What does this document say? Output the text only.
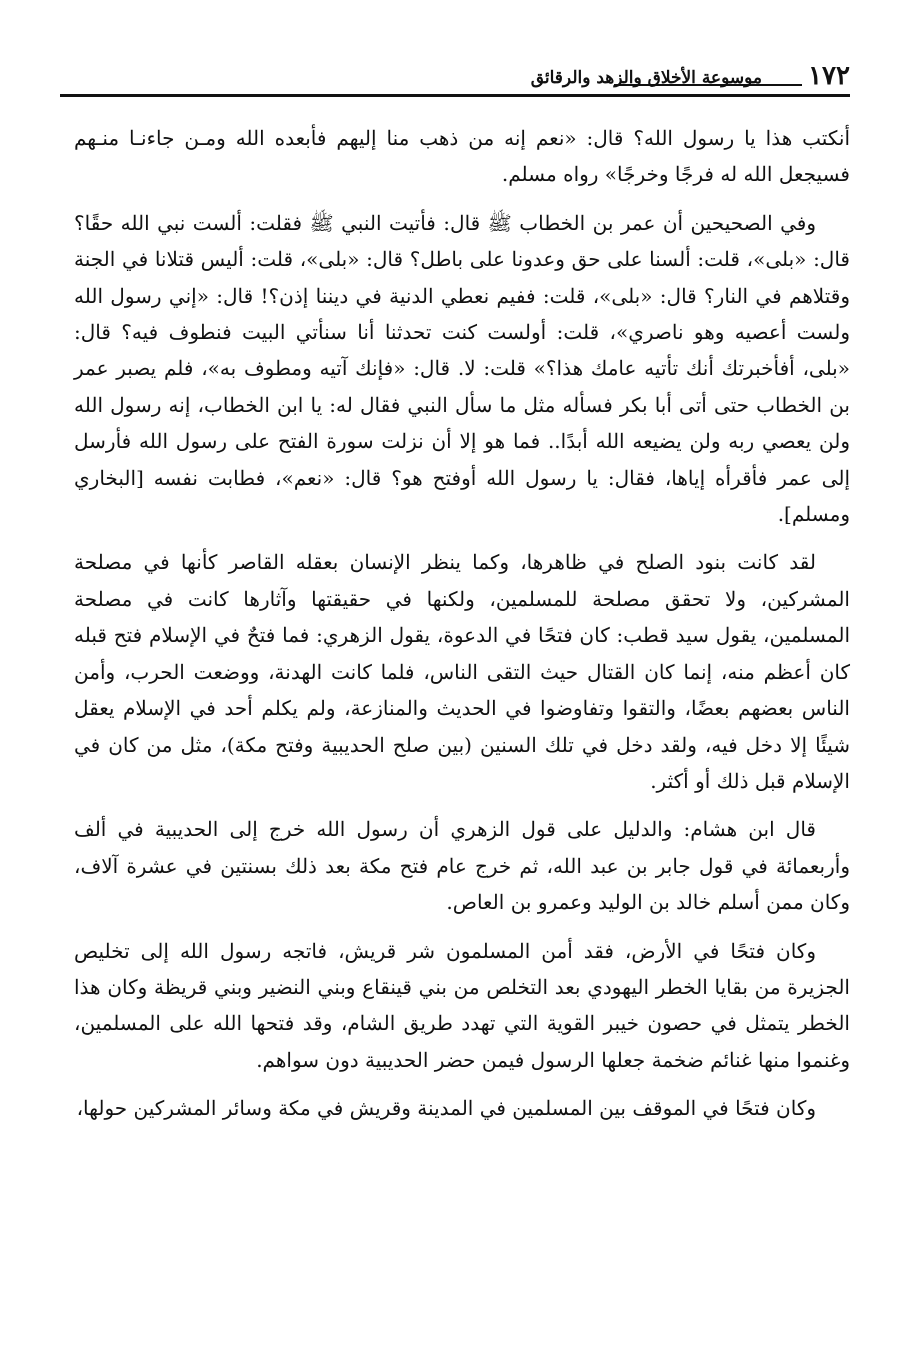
١٧٢
موسوعة الأخلاق والزهد والرقائق

أنكتب هذا يا رسول الله؟ قال: «نعم إنه من ذهب منا إليهم فأبعده الله ومـن جاءنـا منـهم فسيجعل الله له فرجًا وخرجًا» رواه مسلم.

وفي الصحيحين أن عمر بن الخطاب ﷺ قال: فأتيت النبي ﷺ فقلت: ألست نبي الله حقًا؟ قال: «بلى»، قلت: ألسنا على حق وعدونا على باطل؟ قال: «بلى»، قلت: أليس قتلانا في الجنة وقتلاهم في النار؟ قال: «بلى»، قلت: ففيم نعطي الدنية في ديننا إذن؟! قال: «إني رسول الله ولست أعصيه وهو ناصري»، قلت: أولست كنت تحدثنا أنا سنأتي البيت فنطوف فيه؟ قال: «بلى، أفأخبرتك أنك تأتيه عامك هذا؟» قلت: لا. قال: «فإنك آتيه ومطوف به»، فلم يصبر عمر بن الخطاب حتى أتى أبا بكر فسأله مثل ما سأل النبي فقال له: يا ابن الخطاب، إنه رسول الله ولن يعصي ربه ولن يضيعه الله أبدًا.. فما هو إلا أن نزلت سورة الفتح على رسول الله فأرسل إلى عمر فأقرأه إياها، فقال: يا رسول الله أوفتح هو؟ قال: «نعم»، فطابت نفسه [البخاري ومسلم].

لقد كانت بنود الصلح في ظاهرها، وكما ينظر الإنسان بعقله القاصر كأنها في مصلحة المشركين، ولا تحقق مصلحة للمسلمين، ولكنها في حقيقتها وآثارها كانت في مصلحة المسلمين، يقول سيد قطب: كان فتحًا في الدعوة، يقول الزهري: فما فتحٌ في الإسلام فتح قبله كان أعظم منه، إنما كان القتال حيث التقى الناس، فلما كانت الهدنة، ووضعت الحرب، وأمن الناس بعضهم بعضًا، والتقوا وتفاوضوا في الحديث والمنازعة، ولم يكلم أحد في الإسلام يعقل شيئًا إلا دخل فيه، ولقد دخل في تلك السنين (بين صلح الحديبية وفتح مكة)، مثل من كان في الإسلام قبل ذلك أو أكثر.

قال ابن هشام: والدليل على قول الزهري أن رسول الله خرج إلى الحديبية في ألف وأربعمائة في قول جابر بن عبد الله، ثم خرج عام فتح مكة بعد ذلك بسنتين في عشرة آلاف، وكان ممن أسلم خالد بن الوليد وعمرو بن العاص.

وكان فتحًا في الأرض، فقد أمن المسلمون شر قريش، فاتجه رسول الله إلى تخليص الجزيرة من بقايا الخطر اليهودي بعد التخلص من بني قينقاع وبني النضير وبني قريظة وكان هذا الخطر يتمثل في حصون خيبر القوية التي تهدد طريق الشام، وقد فتحها الله على المسلمين، وغنموا منها غنائم ضخمة جعلها الرسول فيمن حضر الحديبية دون سواهم.

وكان فتحًا في الموقف بين المسلمين في المدينة وقريش في مكة وسائر المشركين حولها،
